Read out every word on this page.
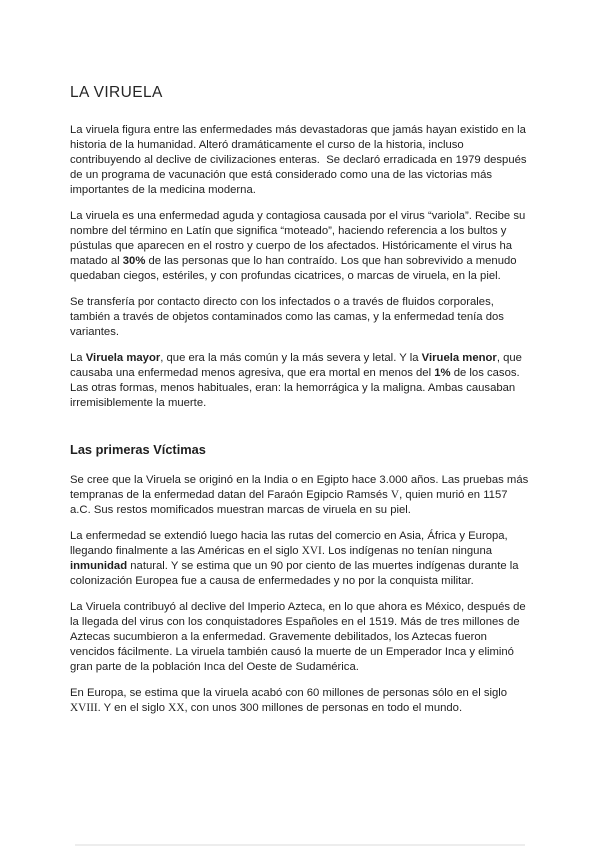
LA VIRUELA

La viruela figura entre las enfermedades más devastadoras que jamás hayan existido en la historia de la humanidad. Alteró dramáticamente el curso de la historia, incluso contribuyendo al declive de civilizaciones enteras.  Se declaró erradicada en 1979 después de un programa de vacunación que está considerado como una de las victorias más importantes de la medicina moderna.

La viruela es una enfermedad aguda y contagiosa causada por el virus “variola”. Recibe su nombre del término en Latín que significa “moteado”, haciendo referencia a los bultos y pústulas que aparecen en el rostro y cuerpo de los afectados. Históricamente el virus ha matado al 30% de las personas que lo han contraído. Los que han sobrevivido a menudo quedaban ciegos, estériles, y con profundas cicatrices, o marcas de viruela, en la piel.

Se transfería por contacto directo con los infectados o a través de fluidos corporales, también a través de objetos contaminados como las camas, y la enfermedad tenía dos variantes.

La Viruela mayor, que era la más común y la más severa y letal. Y la Viruela menor, que causaba una enfermedad menos agresiva, que era mortal en menos del 1% de los casos. Las otras formas, menos habituales, eran: la hemorrágica y la maligna. Ambas causaban irremisiblemente la muerte.

Las primeras Víctimas

Se cree que la Viruela se originó en la India o en Egipto hace 3.000 años. Las pruebas más tempranas de la enfermedad datan del Faraón Egipcio Ramsés V, quien murió en 1157 a.C. Sus restos momificados muestran marcas de viruela en su piel.

La enfermedad se extendió luego hacia las rutas del comercio en Asia, África y Europa, llegando finalmente a las Américas en el siglo XVI. Los indígenas no tenían ninguna inmunidad natural. Y se estima que un 90 por ciento de las muertes indígenas durante la colonización Europea fue a causa de enfermedades y no por la conquista militar.

La Viruela contribuyó al declive del Imperio Azteca, en lo que ahora es México, después de la llegada del virus con los conquistadores Españoles en el 1519. Más de tres millones de Aztecas sucumbieron a la enfermedad. Gravemente debilitados, los Aztecas fueron vencidos fácilmente. La viruela también causó la muerte de un Emperador Inca y eliminó gran parte de la población Inca del Oeste de Sudamérica.

En Europa, se estima que la viruela acabó con 60 millones de personas sólo en el siglo XVIII. Y en el siglo XX, con unos 300 millones de personas en todo el mundo.
